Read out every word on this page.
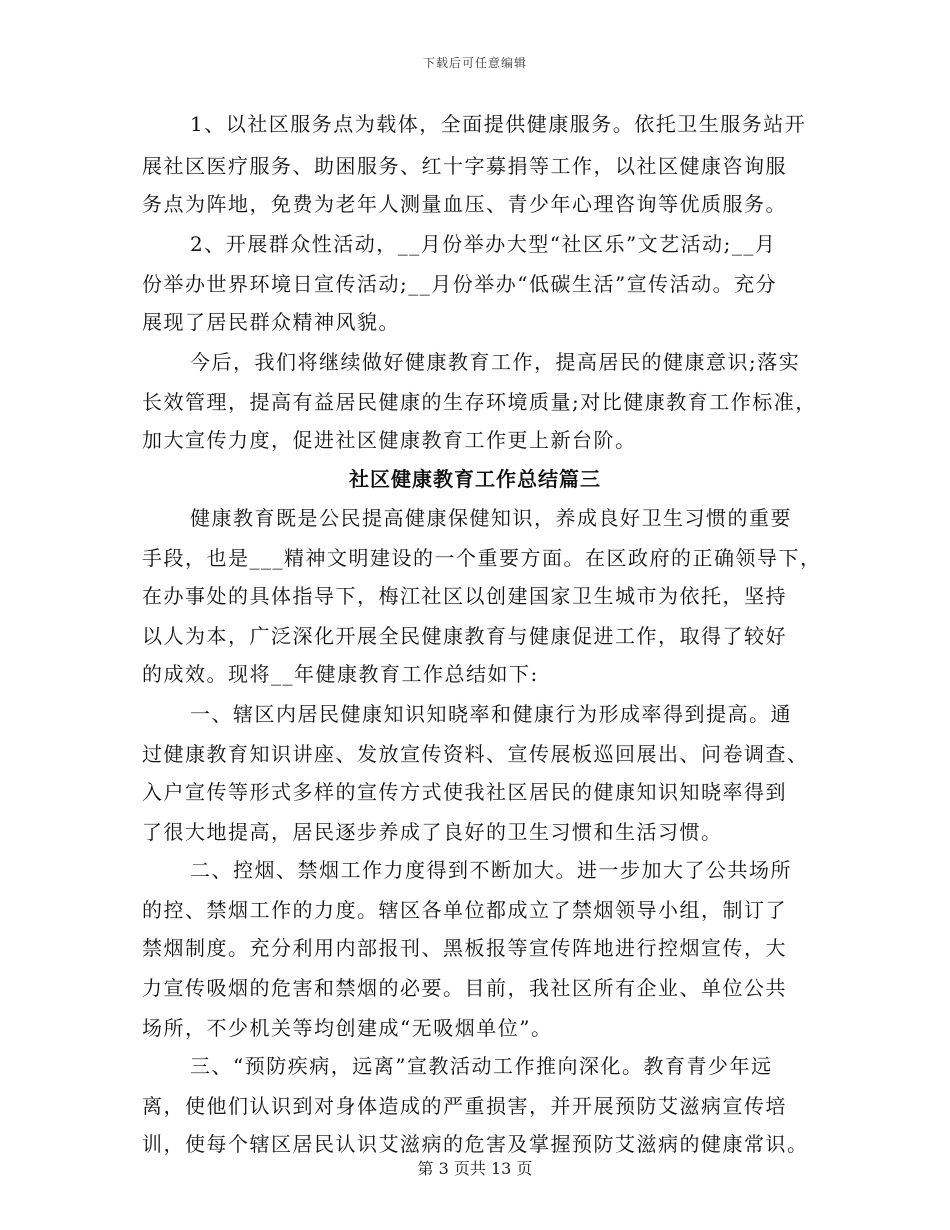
下载后可任意编辑
1、以社区服务点为载体，全面提供健康服务。依托卫生服务站开
展社区医疗服务、助困服务、红十字募捐等工作，以社区健康咨询服
务点为阵地，免费为老年人测量血压、青少年心理咨询等优质服务。
2、开展群众性活动，__月份举办大型“社区乐”文艺活动;__月
份举办世界环境日宣传活动;__月份举办“低碳生活”宣传活动。充分
展现了居民群众精神风貌。
今后，我们将继续做好健康教育工作，提高居民的健康意识;落实
长效管理，提高有益居民健康的生存环境质量;对比健康教育工作标准，
加大宣传力度，促进社区健康教育工作更上新台阶。
社区健康教育工作总结篇三
健康教育既是公民提高健康保健知识，养成良好卫生习惯的重要
手段，也是___精神文明建设的一个重要方面。在区政府的正确领导下，
在办事处的具体指导下，梅江社区以创建国家卫生城市为依托，坚持
以人为本，广泛深化开展全民健康教育与健康促进工作，取得了较好
的成效。现将__年健康教育工作总结如下:
一、辖区内居民健康知识知晓率和健康行为形成率得到提高。通
过健康教育知识讲座、发放宣传资料、宣传展板巡回展出、问卷调查、
入户宣传等形式多样的宣传方式使我社区居民的健康知识知晓率得到
了很大地提高，居民逐步养成了良好的卫生习惯和生活习惯。
二、控烟、禁烟工作力度得到不断加大。进一步加大了公共场所
的控、禁烟工作的力度。辖区各单位都成立了禁烟领导小组，制订了
禁烟制度。充分利用内部报刊、黑板报等宣传阵地进行控烟宣传，大
力宣传吸烟的危害和禁烟的必要。目前，我社区所有企业、单位公共
场所，不少机关等均创建成“无吸烟单位”。
三、“预防疾病，远离”宣教活动工作推向深化。教育青少年远
离，使他们认识到对身体造成的严重损害，并开展预防艾滋病宣传培
训，使每个辖区居民认识艾滋病的危害及掌握预防艾滋病的健康常识。
第 3 页共 13 页
